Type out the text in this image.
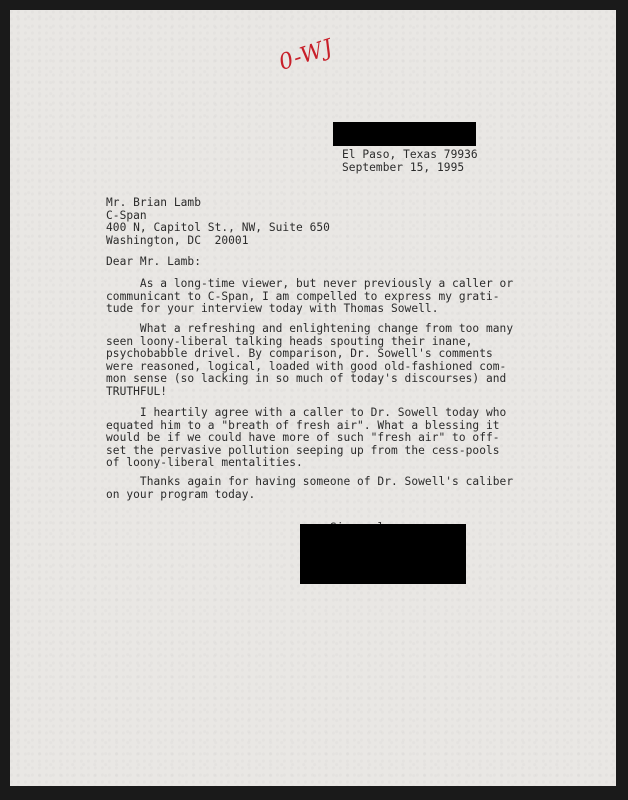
0-WJ
El Paso, Texas 79936
September 15, 1995
Mr. Brian Lamb
C-Span
400 N, Capitol St., NW, Suite 650
Washington, DC  20001
Dear Mr. Lamb:
As a long-time viewer, but never previously a caller or
communicant to C-Span, I am compelled to express my grati-
tude for your interview today with Thomas Sowell.
What a refreshing and enlightening change from too many
seen loony-liberal talking heads spouting their inane,
psychobabble drivel. By comparison, Dr. Sowell's comments
were reasoned, logical, loaded with good old-fashioned com-
mon sense (so lacking in so much of today's discourses) and
TRUTHFUL!
I heartily agree with a caller to Dr. Sowell today who
equated him to a "breath of fresh air". What a blessing it
would be if we could have more of such "fresh air" to off-
set the pervasive pollution seeping up from the cess-pools
of loony-liberal mentalities.
Thanks again for having someone of Dr. Sowell's caliber
on your program today.
